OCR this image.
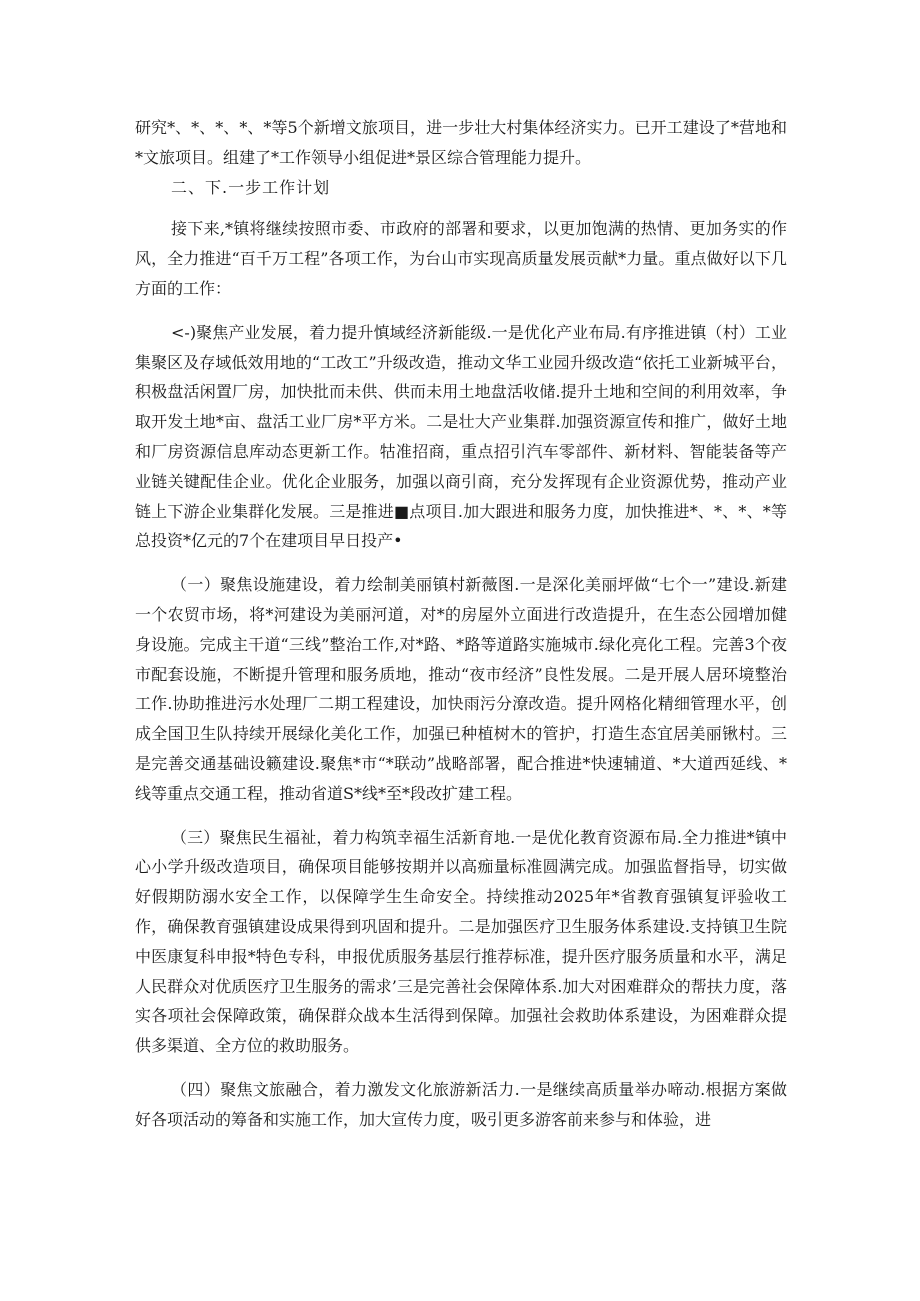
研究*、*、*、*、*等5个新增文旅项目，进一步壮大村集体经济实力。已开工建设了*营地和*文旅项目。组建了*工作领导小组促进*景区综合管理能力提升。

二、下.一步工作计划

接下来,*镇将继续按照市委、市政府的部署和要求，以更加饱满的热情、更加务实的作风，全力推进“百千万工程”各项工作，为台山市实现高质量发展贡献*力量。重点做好以下几方面的工作：

<-)聚焦产业发展，着力提升慎域经济新能级.一是优化产业布局.有序推进镇（村）工业集聚区及存域低效用地的“工改工”升级改造，推动文华工业园升级改造“依托工业新城平台，积极盘活闲置厂房，加快批而未供、供而未用土地盘活收储.提升土地和空间的利用效率，争取开发土地*亩、盘活工业厂房*平方米。二是壮大产业集群.加强资源宣传和推广，做好土地和厂房资源信息库动态更新工作。牯准招商，重点招引汽车零部件、新材料、智能装备等产业链关键配佳企业。优化企业服务，加强以商引商，充分发挥现有企业资源优势，推动产业链上下游企业集群化发展。三是推进■点项目.加大跟进和服务力度，加快推进*、*、*、*等总投资*亿元的7个在建项目早日投产•

（一）聚焦设施建设，着力绘制美丽镇村新薇图.一是深化美丽坪做“七个一”建设.新建一个农贸市场，将*河建设为美丽河道，对*的房屋外立面进行改造提升，在生态公园增加健身设施。完成主干道“三线”整治工作,对*路、*路等道路实施城市.绿化亮化工程。完善3个夜市配套设施，不断提升管理和服务质地，推动“夜市经济”良性发展。二是开展人居环境整治工作.协助推进污水处理厂二期工程建设，加快雨污分潦改造。提升网格化精细管理水平，创成全国卫生队持续开展绿化美化工作，加强已种植树木的管护，打造生态宜居美丽锹村。三是完善交通基础设籁建设.聚焦*市“*联动”战略部署，配合推进*快速辅道、*大道西延线、*线等重点交通工程，推动省道S*线*至*段改扩建工程。

（三）聚焦民生福祉，着力构筑幸福生活新育地.一是优化教育资源布局.全力推进*镇中心小学升级改造项目，确保项目能够按期并以高痂量标准圆满完成。加强监督指导，切实做好假期防溺水安全工作，以保障学生生命安全。持续推动2025年*省教育强镇复评验收工作，确保教育强镇建设成果得到巩固和提升。二是加强医疗卫生服务体系建设.支持镇卫生院中医康复科申报*特色专科，申报优质服务基层行推荐标准，提升医疗服务质量和水平，满足人民群众对优质医疗卫生服务的需求’三是完善社会保障体系.加大对困难群众的帮扶力度，落实各项社会保障政策，确保群众战本生活得到保障。加强社会救助体系建设，为困难群众提供多渠道、全方位的救助服务。

（四）聚焦文旅融合，着力激发文化旅游新活力.一是继续高质量举办啼动.根据方案做好各项活动的筹备和实施工作，加大宣传力度，吸引更多游客前来参与和体验，进
